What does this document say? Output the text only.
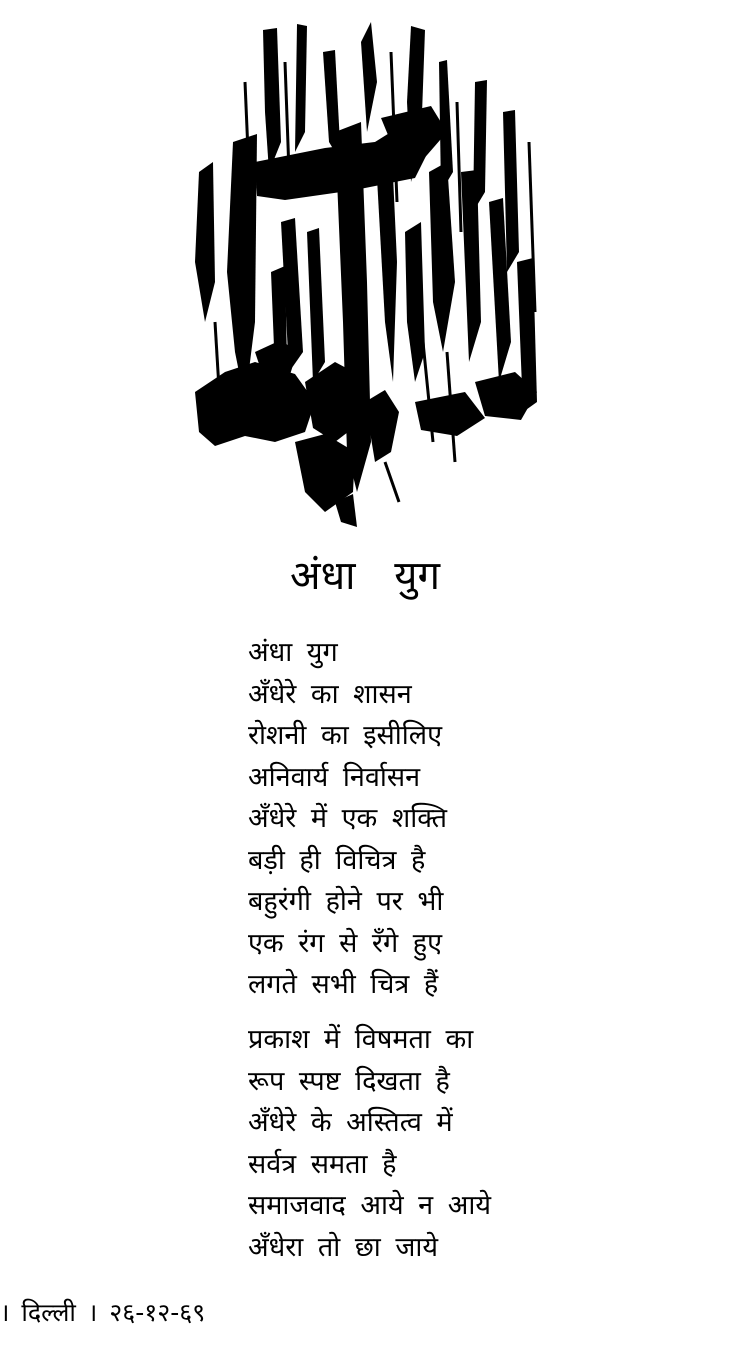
अंधा युग
अंधा युग
अँधेरे का शासन
रोशनी का इसीलिए
अनिवार्य निर्वासन
अँधेरे में एक शक्ति
बड़ी ही विचित्र है
बहुरंगी होने पर भी
एक रंग से रँगे हुए
लगते सभी चित्र हैं
प्रकाश में विषमता का
रूप स्पष्ट दिखता है
अँधेरे के अस्तित्व में
सर्वत्र समता है
समाजवाद आये न आये
अँधेरा तो छा जाये
। दिल्ली । २६-१२-६९
